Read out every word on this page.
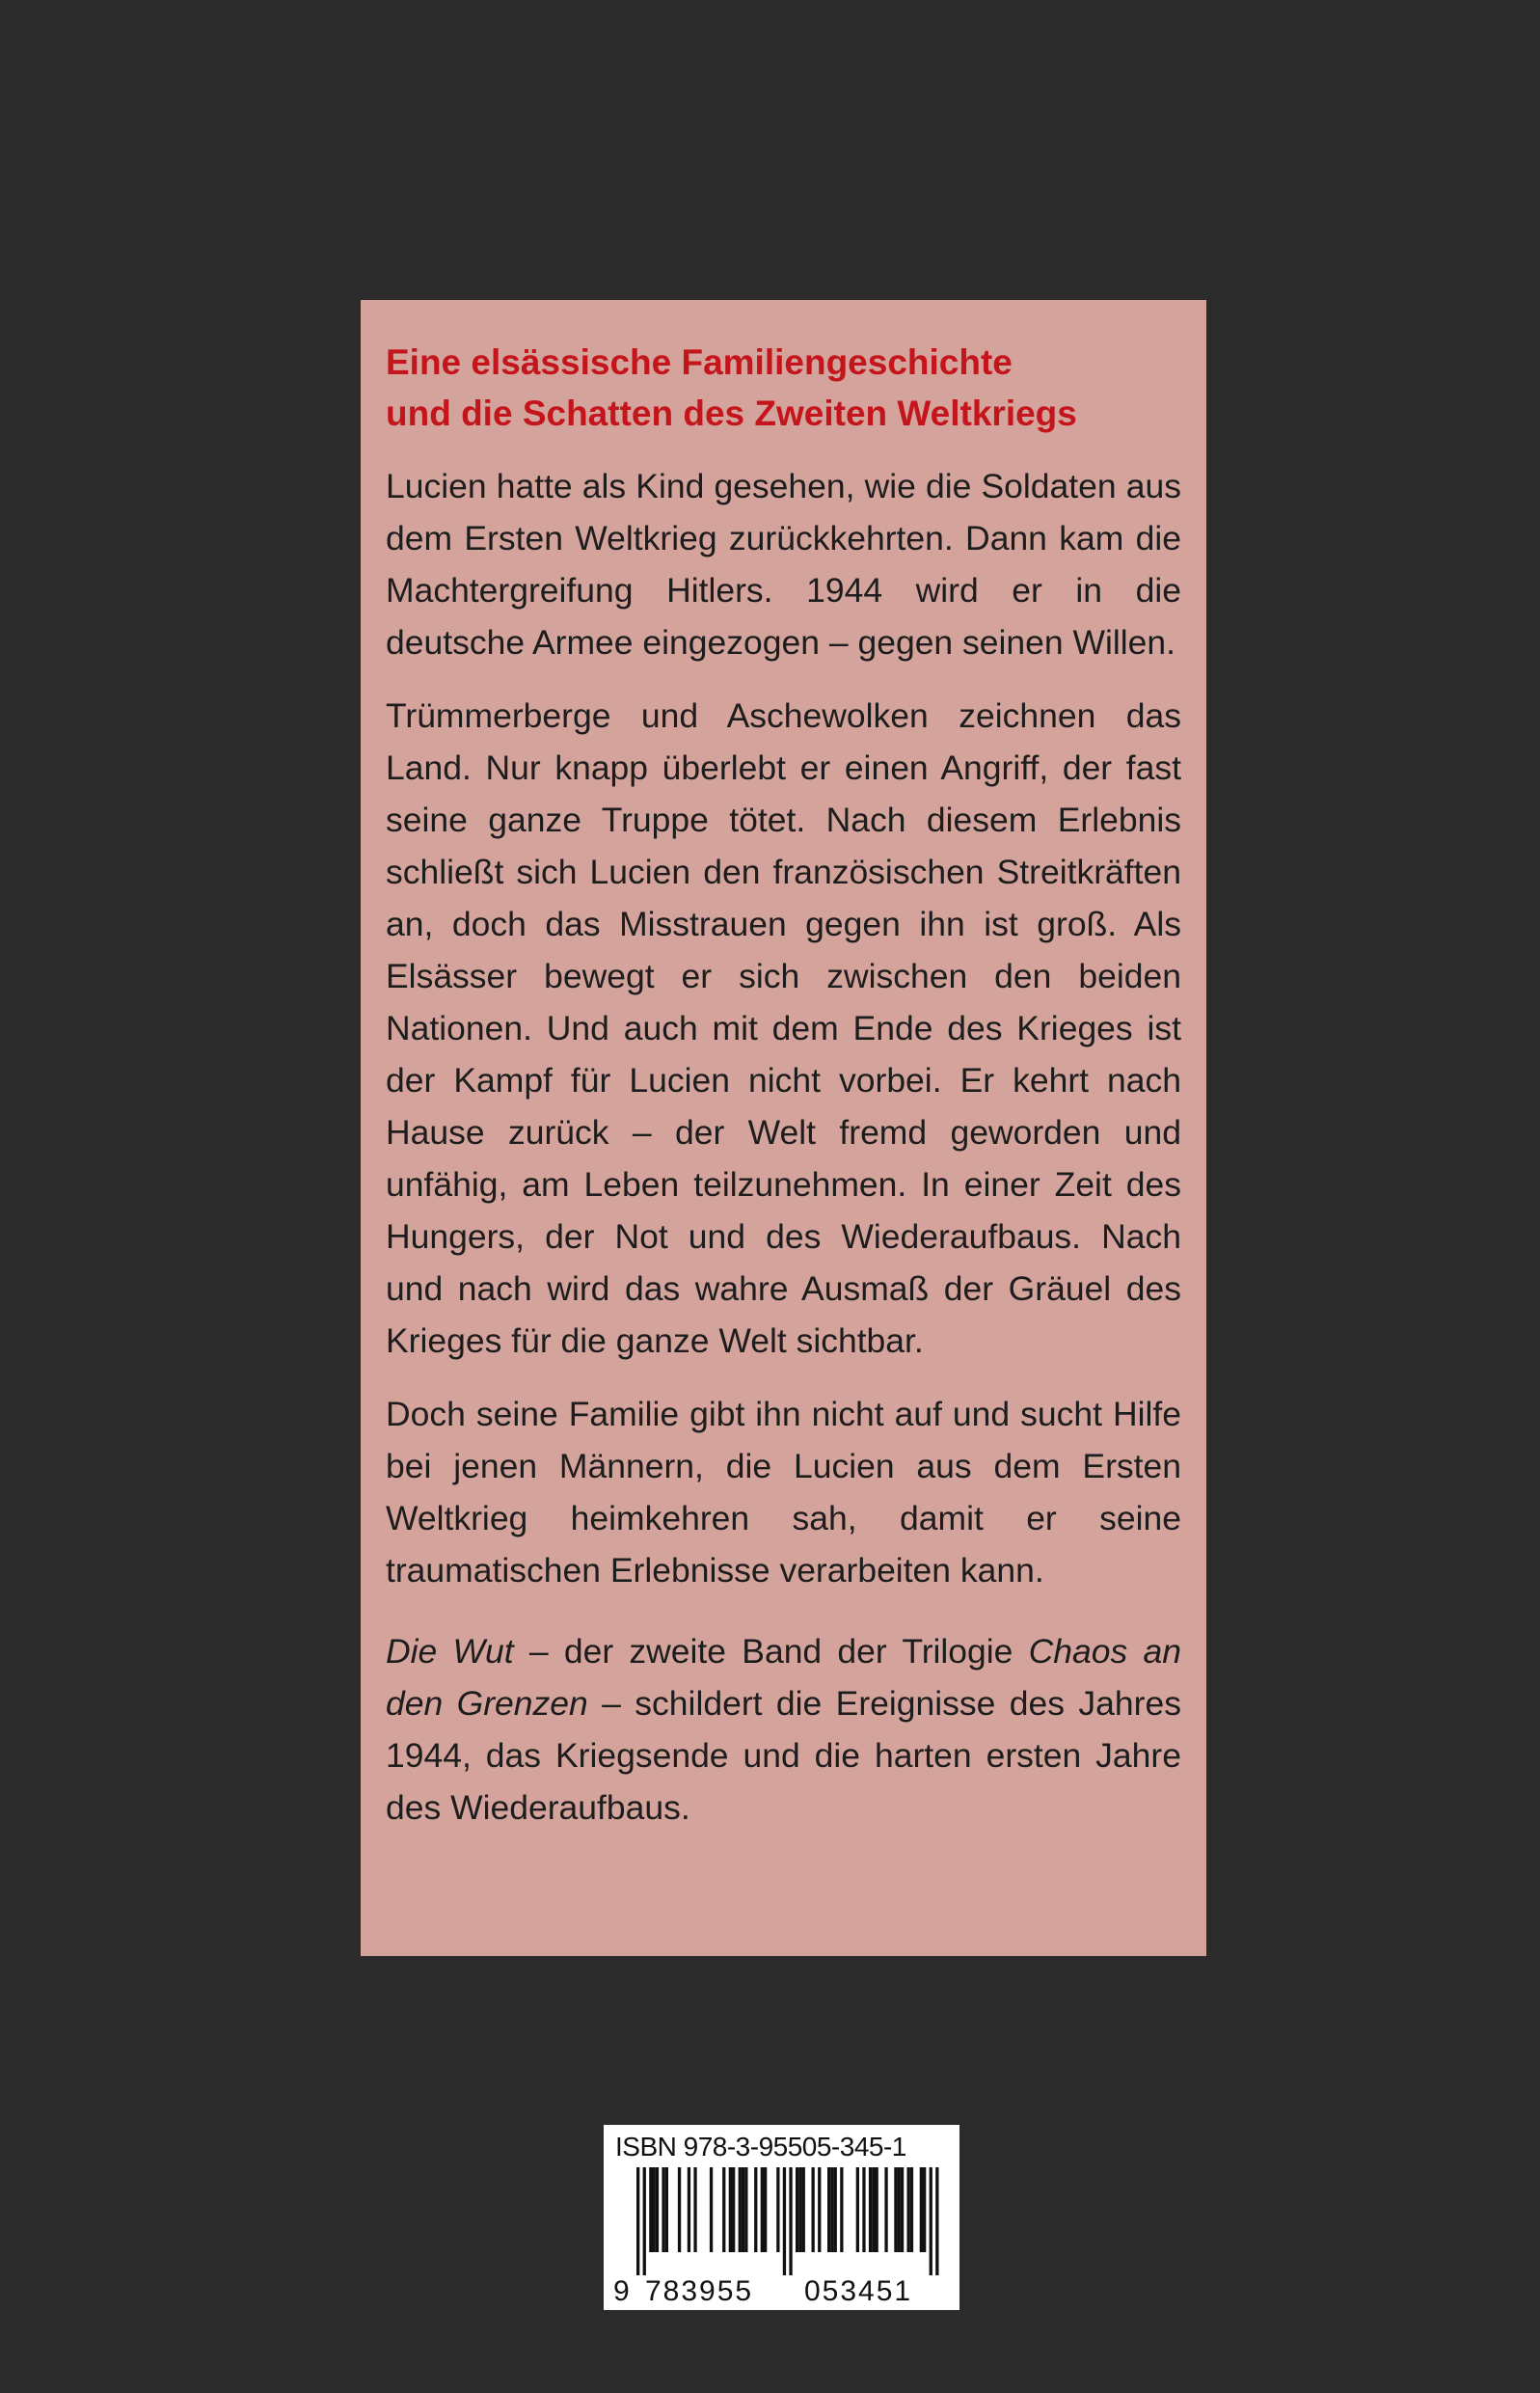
Eine elsässische Familiengeschichte
und die Schatten des Zweiten Weltkriegs

Lucien hatte als Kind gesehen, wie die Soldaten aus dem Ersten Weltkrieg zurückkehrten. Dann kam die Machtergreifung Hitlers. 1944 wird er in die deutsche Armee eingezogen – gegen seinen Willen.

Trümmerberge und Aschewolken zeichnen das Land. Nur knapp überlebt er einen Angriff, der fast seine ganze Truppe tötet. Nach diesem Erlebnis schließt sich Lucien den französischen Streitkräften an, doch das Misstrauen gegen ihn ist groß. Als Elsässer bewegt er sich zwischen den beiden Nationen. Und auch mit dem Ende des Krieges ist der Kampf für Lucien nicht vorbei. Er kehrt nach Hause zurück – der Welt fremd geworden und unfähig, am Leben teilzunehmen. In einer Zeit des Hungers, der Not und des Wiederaufbaus. Nach und nach wird das wahre Ausmaß der Gräuel des Krieges für die ganze Welt sichtbar.

Doch seine Familie gibt ihn nicht auf und sucht Hilfe bei jenen Männern, die Lucien aus dem Ersten Weltkrieg heimkehren sah, damit er seine traumatischen Erlebnisse verarbeiten kann.

Die Wut – der zweite Band der Trilogie Chaos an den Grenzen – schildert die Ereignisse des Jahres 1944, das Kriegsende und die harten ersten Jahre des Wiederaufbaus.

ISBN 978-3-95505-345-1
9 783955 053451
